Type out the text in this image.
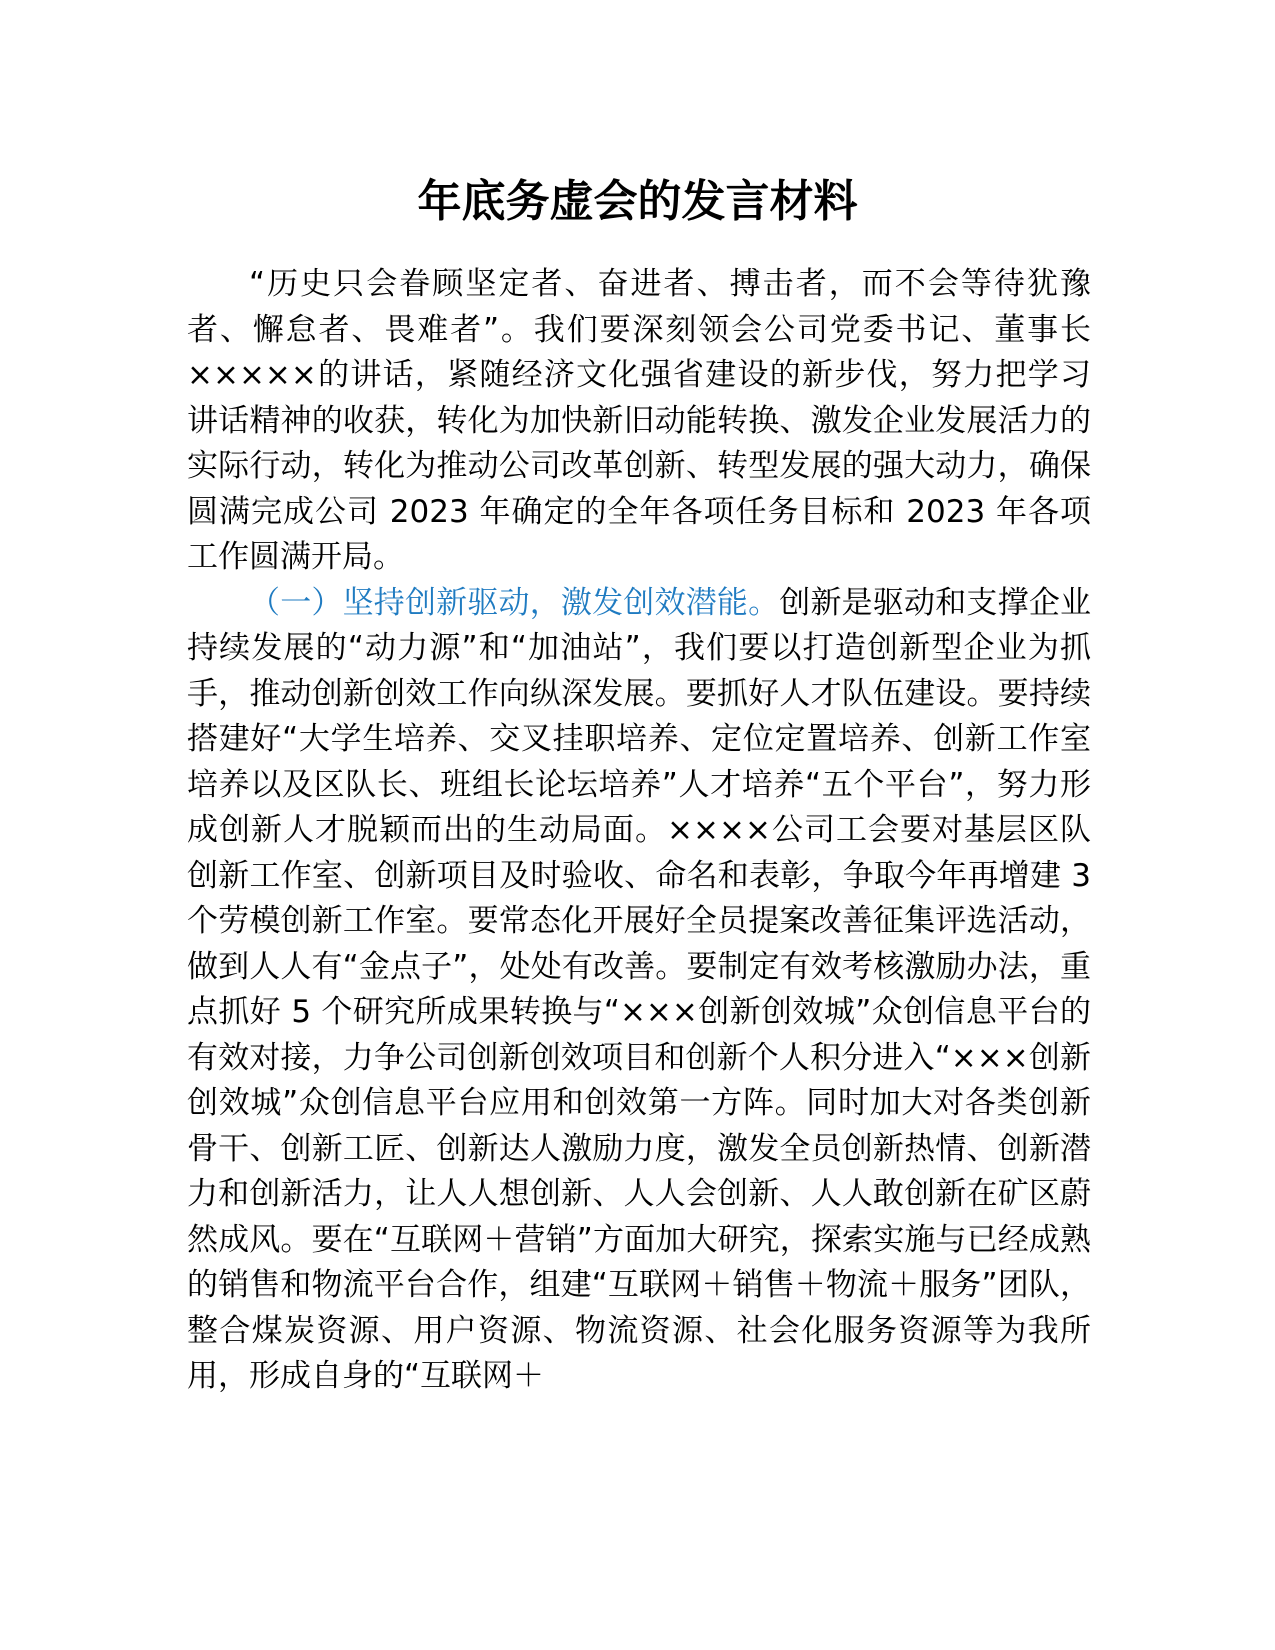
年底务虚会的发言材料

“历史只会眷顾坚定者、奋进者、搏击者，而不会等待犹豫者、懈怠者、畏难者”。我们要深刻领会公司党委书记、董事长×××××的讲话，紧随经济文化强省建设的新步伐，努力把学习讲话精神的收获，转化为加快新旧动能转换、激发企业发展活力的实际行动，转化为推动公司改革创新、转型发展的强大动力，确保圆满完成公司 2023 年确定的全年各项任务目标和 2023 年各项工作圆满开局。

（一）坚持创新驱动，激发创效潜能。创新是驱动和支撑企业持续发展的“动力源”和“加油站”，我们要以打造创新型企业为抓手，推动创新创效工作向纵深发展。要抓好人才队伍建设。要持续搭建好“大学生培养、交叉挂职培养、定位定置培养、创新工作室培养以及区队长、班组长论坛培养”人才培养“五个平台”，努力形成创新人才脱颖而出的生动局面。××××公司工会要对基层区队创新工作室、创新项目及时验收、命名和表彰，争取今年再增建 3 个劳模创新工作室。要常态化开展好全员提案改善征集评选活动，做到人人有“金点子”，处处有改善。要制定有效考核激励办法，重点抓好 5 个研究所成果转换与“×××创新创效城”众创信息平台的有效对接，力争公司创新创效项目和创新个人积分进入“×××创新创效城”众创信息平台应用和创效第一方阵。同时加大对各类创新骨干、创新工匠、创新达人激励力度，激发全员创新热情、创新潜力和创新活力，让人人想创新、人人会创新、人人敢创新在矿区蔚然成风。要在“互联网＋营销”方面加大研究，探索实施与已经成熟的销售和物流平台合作，组建“互联网＋销售＋物流＋服务”团队，整合煤炭资源、用户资源、物流资源、社会化服务资源等为我所用，形成自身的“互联网＋
